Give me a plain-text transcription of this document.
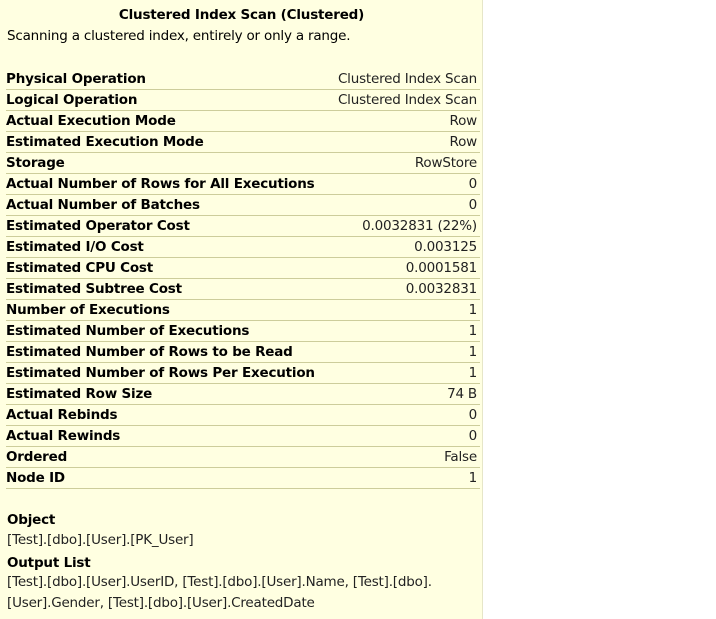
Clustered Index Scan (Clustered)
Scanning a clustered index, entirely or only a range.
Physical Operation	Clustered Index Scan
Logical Operation	Clustered Index Scan
Actual Execution Mode	Row
Estimated Execution Mode	Row
Storage	RowStore
Actual Number of Rows for All Executions	0
Actual Number of Batches	0
Estimated Operator Cost	0.0032831 (22%)
Estimated I/O Cost	0.003125
Estimated CPU Cost	0.0001581
Estimated Subtree Cost	0.0032831
Number of Executions	1
Estimated Number of Executions	1
Estimated Number of Rows to be Read	1
Estimated Number of Rows Per Execution	1
Estimated Row Size	74 B
Actual Rebinds	0
Actual Rewinds	0
Ordered	False
Node ID	1
Object
[Test].[dbo].[User].[PK_User]
Output List
[Test].[dbo].[User].UserID, [Test].[dbo].[User].Name, [Test].[dbo].[User].Gender, [Test].[dbo].[User].CreatedDate
